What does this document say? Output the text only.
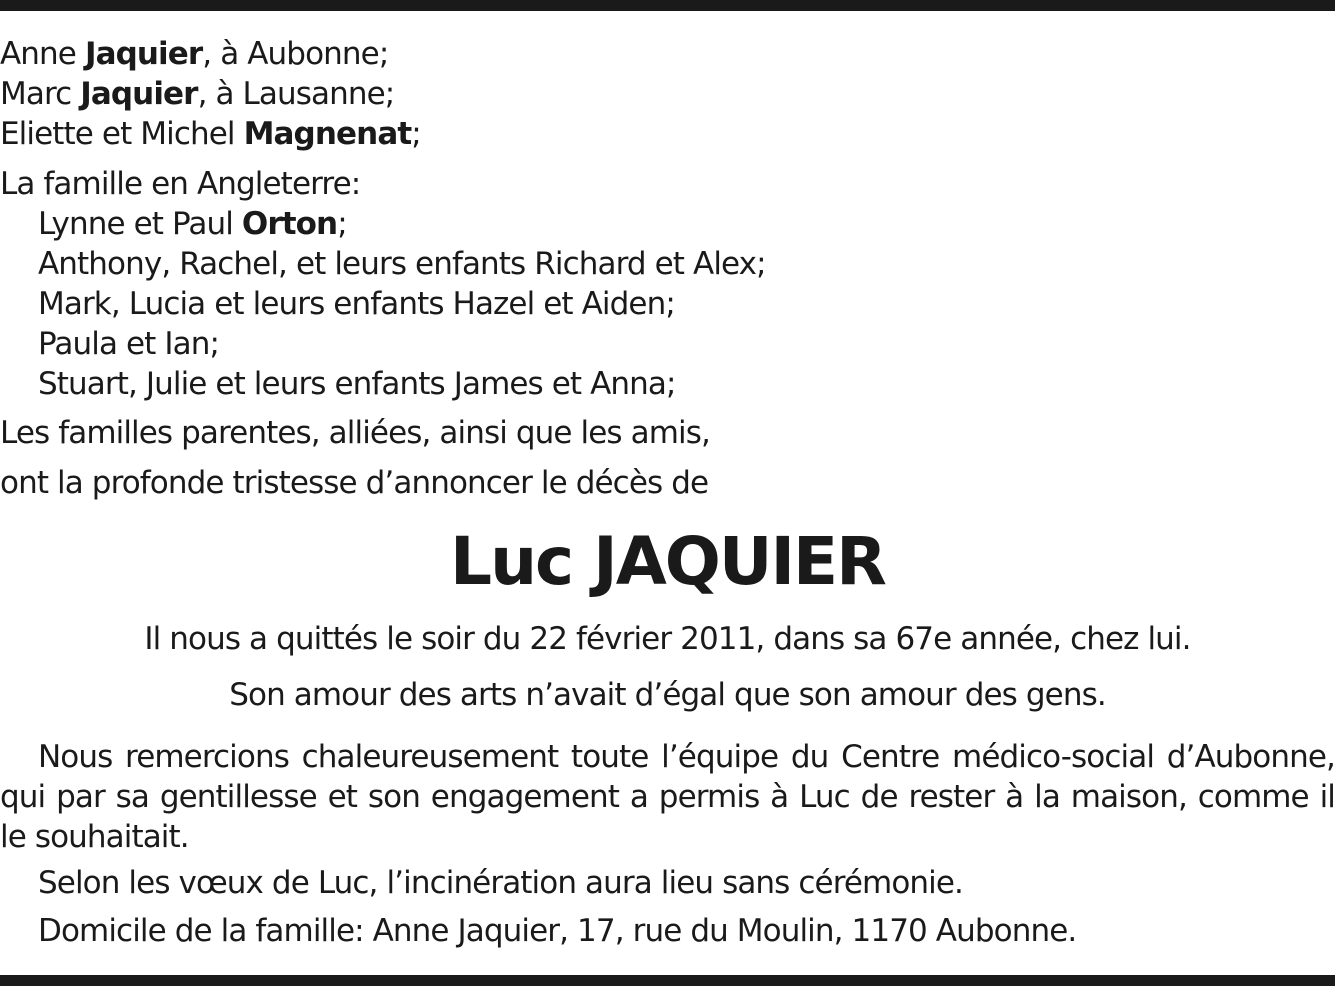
Anne Jaquier, à Aubonne;
Marc Jaquier, à Lausanne;
Eliette et Michel Magnenat;
La famille en Angleterre:
Lynne et Paul Orton;
Anthony, Rachel, et leurs enfants Richard et Alex;
Mark, Lucia et leurs enfants Hazel et Aiden;
Paula et Ian;
Stuart, Julie et leurs enfants James et Anna;
Les familles parentes, alliées, ainsi que les amis,
ont la profonde tristesse d’annoncer le décès de
Luc JAQUIER
Il nous a quittés le soir du 22 février 2011, dans sa 67e année, chez lui.
Son amour des arts n’avait d’égal que son amour des gens.
Nous remercions chaleureusement toute l’équipe du Centre médico-social d’Aubonne, qui par sa gentillesse et son engagement a permis à Luc de rester à la maison, comme il le souhaitait.
Selon les vœux de Luc, l’incinération aura lieu sans cérémonie.
Domicile de la famille: Anne Jaquier, 17, rue du Moulin, 1170 Aubonne.
